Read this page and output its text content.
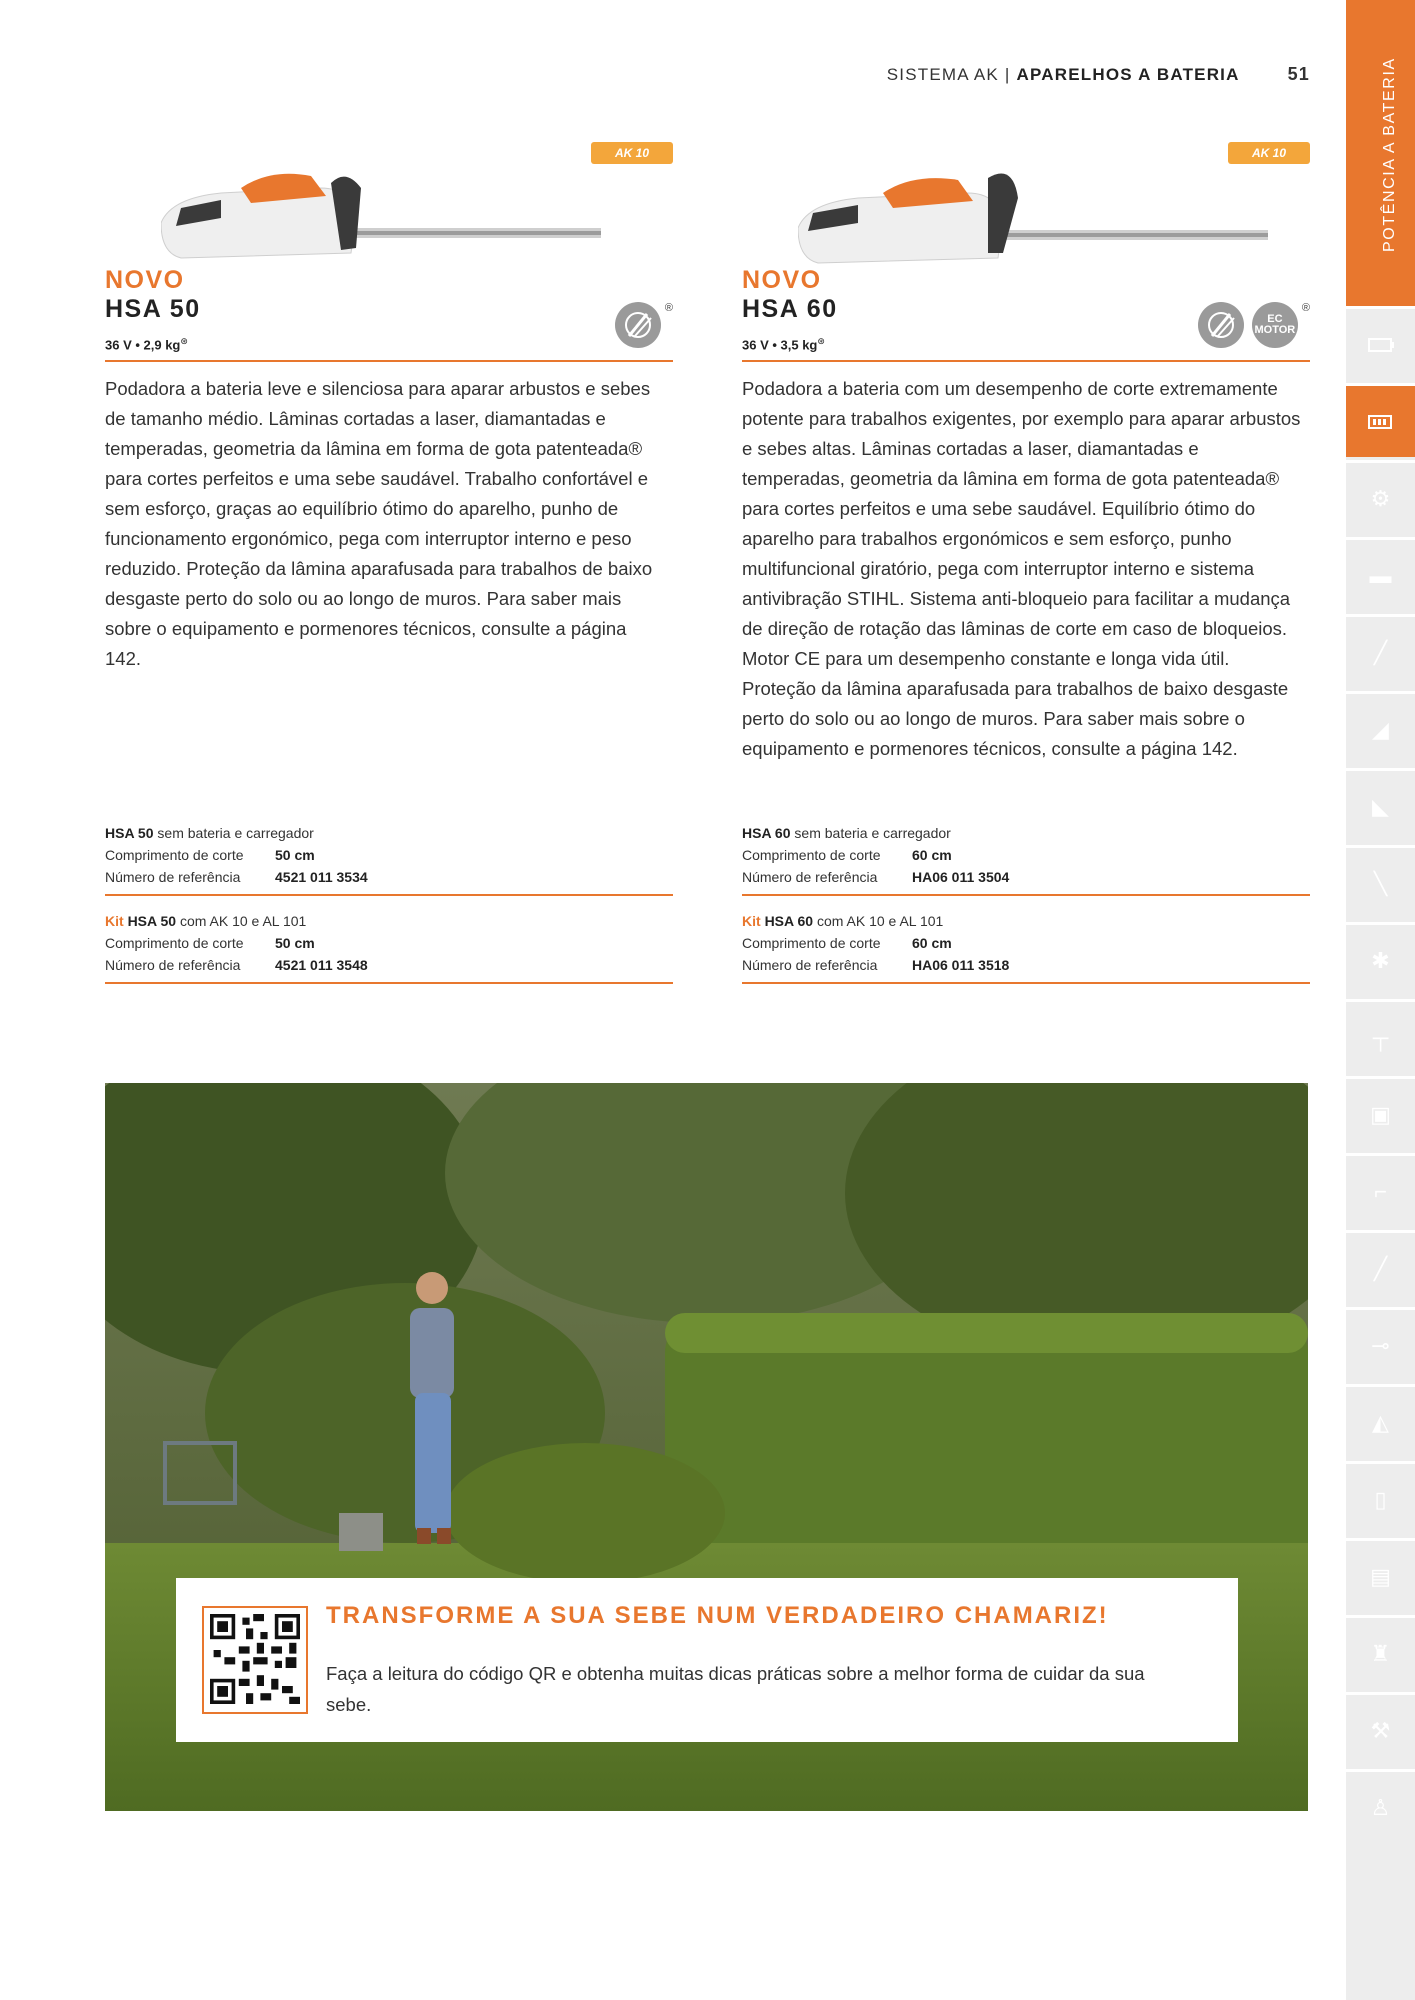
SISTEMA AK | APARELHOS A BATERIA	51	POTÊNCIA A BATERIA
⚙
▬
╱
◢
◣
╲
✱
┬
▣
⌐
╱
⊸
◭
▯
▤
♜
⚒
♙
AK 10
NOVO
HSA 50
36 V • 2,9 kg⊛
®
Podadora a bateria leve e silenciosa para aparar arbustos e sebes de tamanho médio. Lâminas cortadas a laser, diamantadas e temperadas, geometria da lâmina em forma de gota patenteada® para cortes perfeitos e uma sebe saudável. Trabalho confortável e sem esforço, graças ao equilíbrio ótimo do aparelho, punho de funcionamento ergonómico, pega com interruptor interno e peso reduzido. Proteção da lâmina aparafusada para trabalhos de baixo desgaste perto do solo ou ao longo de muros. Para saber mais sobre o equipamento e pormenores técnicos, consulte a página 142.
HSA 50 sem bateria e carregador
Comprimento de corte 50 cm
Número de referência 4521 011 3534
Kit HSA 50 com AK 10 e AL 101
Comprimento de corte 50 cm
Número de referência 4521 011 3548
AK 10
NOVO
HSA 60
36 V • 3,5 kg⊛
EC MOTOR
®
Podadora a bateria com um desempenho de corte extremamente potente para trabalhos exigentes, por exemplo para aparar arbustos e sebes altas. Lâminas cortadas a laser, diamantadas e temperadas, geometria da lâmina em forma de gota patenteada® para cortes perfeitos e uma sebe saudável. Equilíbrio ótimo do aparelho para trabalhos ergonómicos e sem esforço, punho multifuncional giratório, pega com interruptor interno e sistema antivibração STIHL. Sistema anti-bloqueio para facilitar a mudança de direção de rotação das lâminas de corte em caso de bloqueios. Motor CE para um desempenho constante e longa vida útil. Proteção da lâmina aparafusada para trabalhos de baixo desgaste perto do solo ou ao longo de muros. Para saber mais sobre o equipamento e pormenores técnicos, consulte a página 142.
HSA 60 sem bateria e carregador
Comprimento de corte 60 cm
Número de referência HA06 011 3504
Kit HSA 60 com AK 10 e AL 101
Comprimento de corte 60 cm
Número de referência HA06 011 3518
TRANSFORME A SUA SEBE NUM VERDADEIRO CHAMARIZ!
Faça a leitura do código QR e obtenha muitas dicas práticas sobre a melhor forma de cuidar da sua sebe.
